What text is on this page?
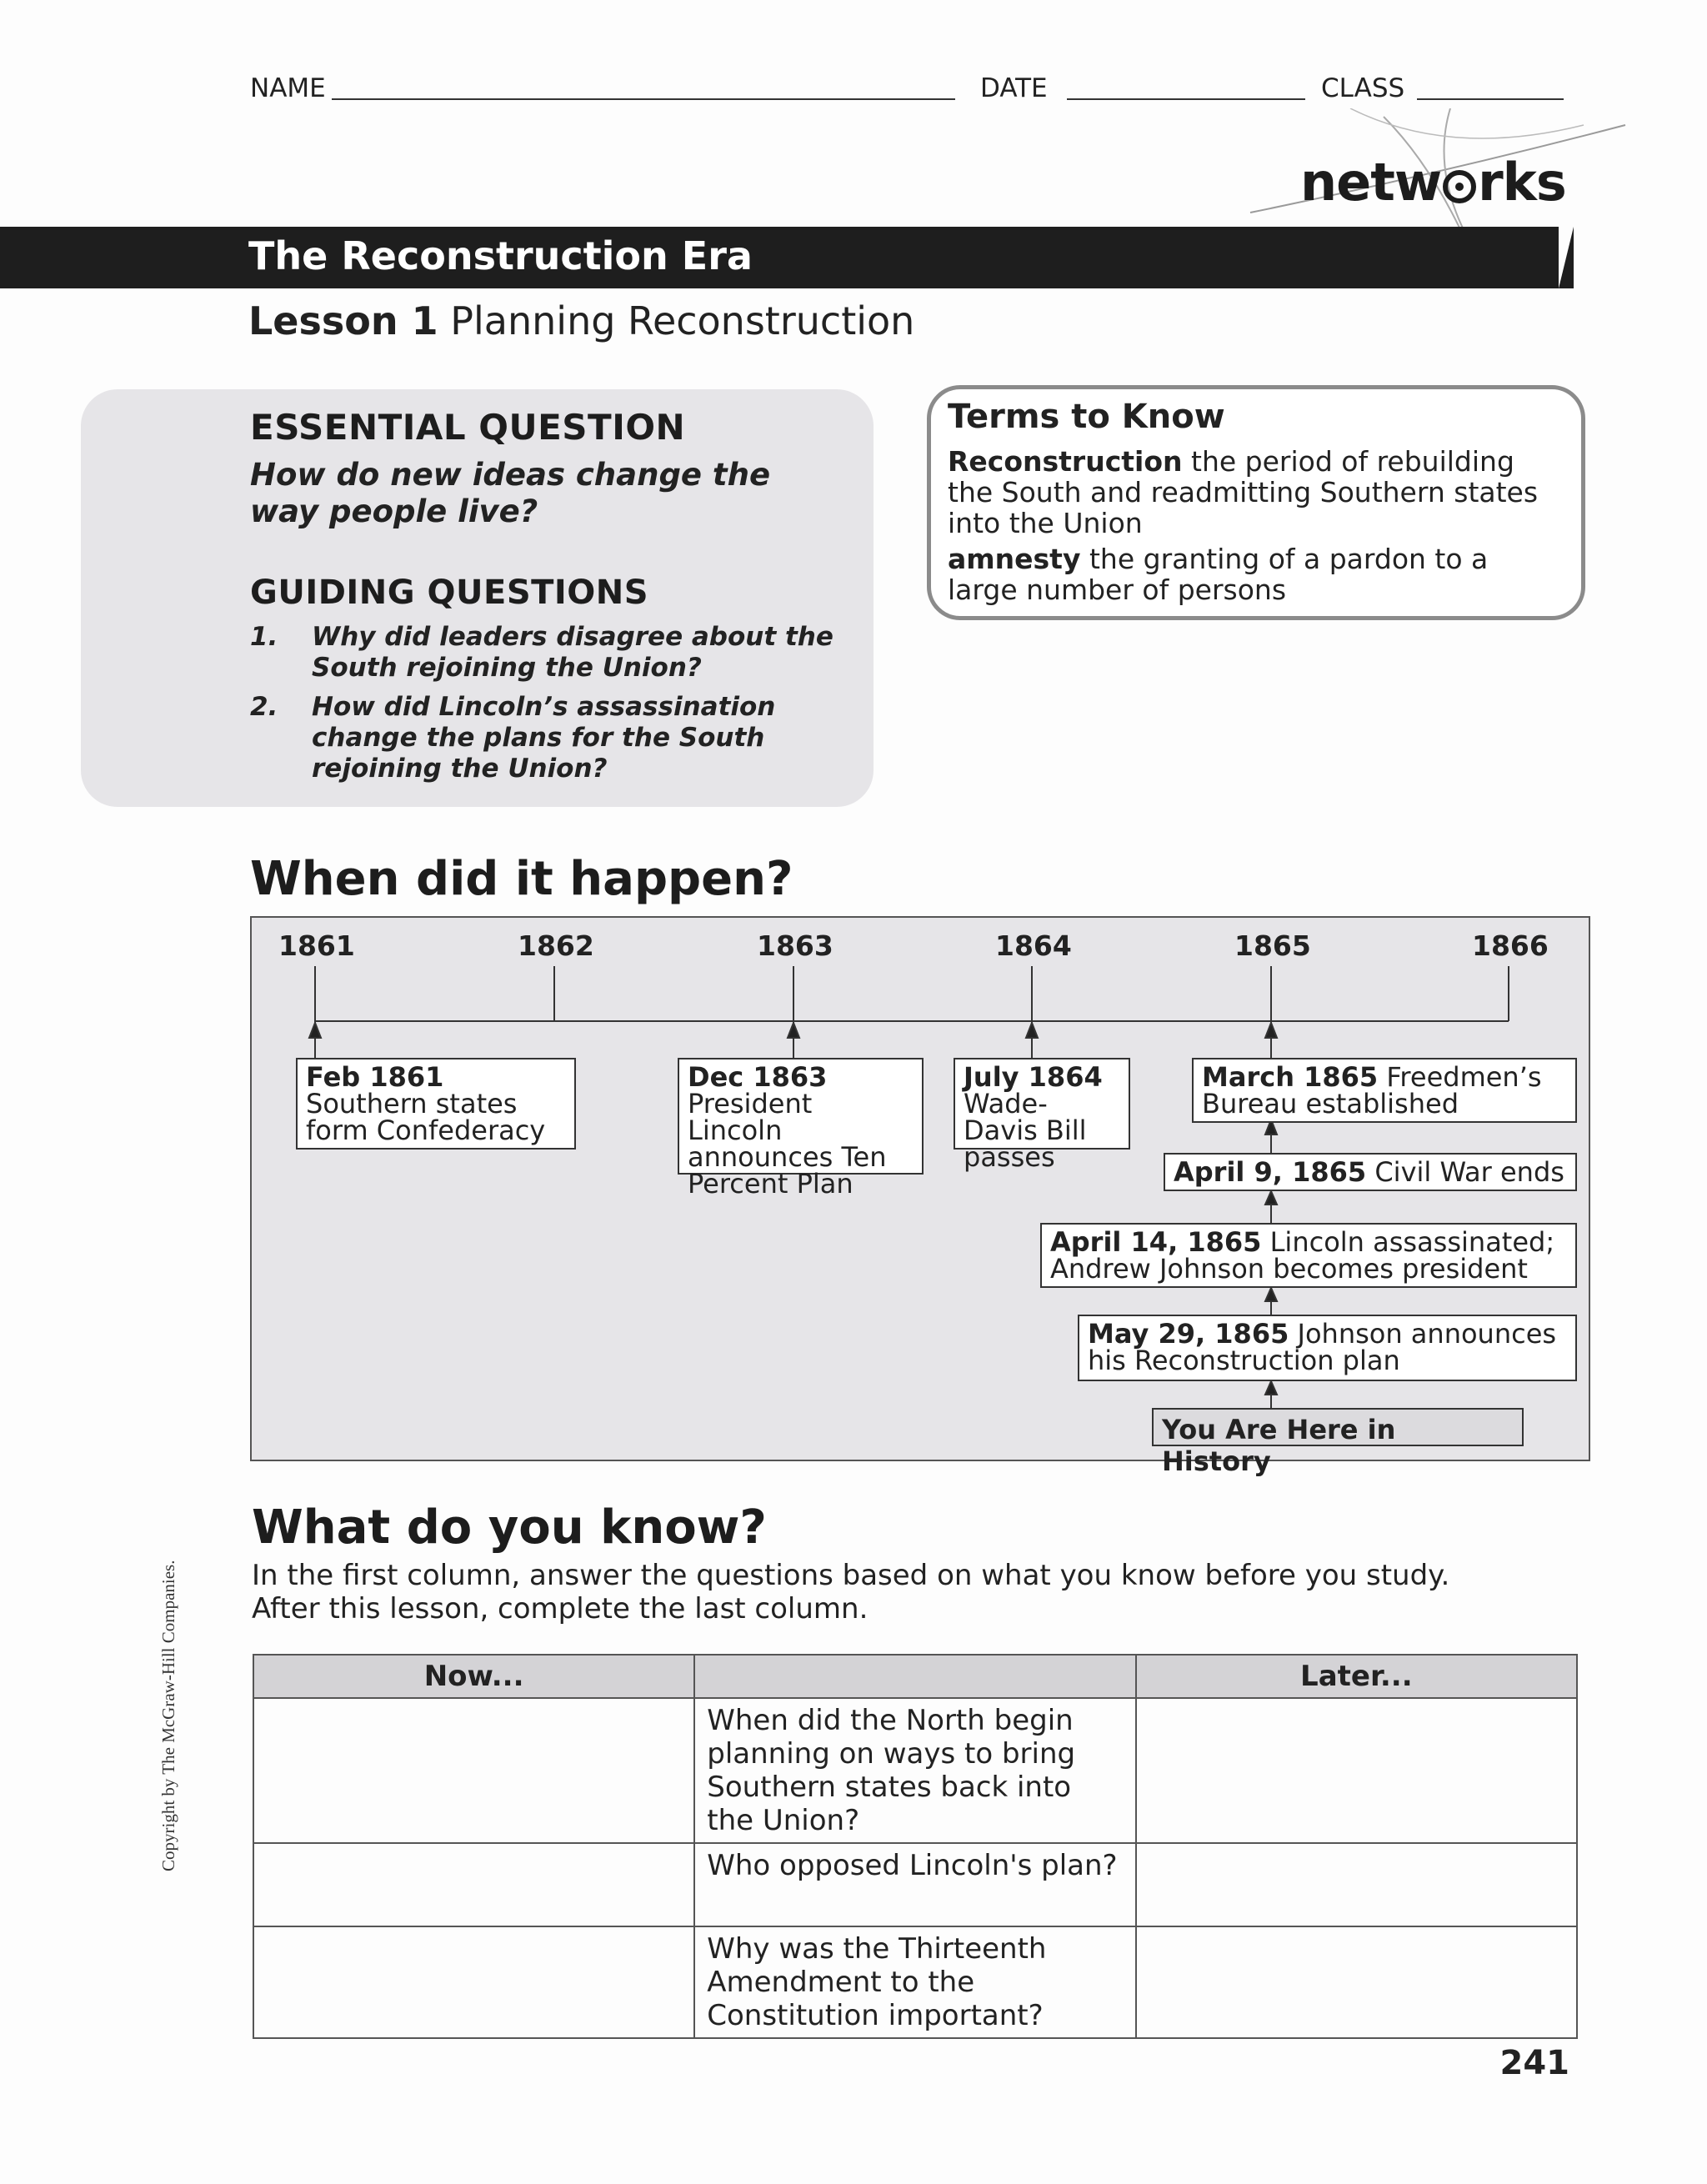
NAME	DATE	CLASS
netw rks
The Reconstruction Era
Lesson 1 Planning Reconstruction
ESSENTIAL QUESTION
How do new ideas change the
way people live?
GUIDING QUESTIONS
1. Why did leaders disagree about the South rejoining the Union?
2. How did Lincoln’s assassination change the plans for the South rejoining the Union?
Terms to Know
Reconstruction the period of rebuilding the South and readmitting Southern states into the Union
amnesty the granting of a pardon to a large number of persons
When did it happen?
1861	1862	1863	1864	1865	1866
Feb 1861
Southern states form Confederacy
Dec 1863
President Lincoln announces Ten Percent Plan
July 1864
Wade-Davis Bill passes
March 1865 Freedmen’s Bureau established
April 9, 1865 Civil War ends
April 14, 1865 Lincoln assassinated; Andrew Johnson becomes president
May 29, 1865 Johnson announces his Reconstruction plan
You Are Here in History
What do you know?
In the first column, answer the questions based on what you know before you study.
After this lesson, complete the last column.
Now...		Later...
	When did the North begin planning on ways to bring Southern states back into the Union?	
	Who opposed Lincoln's plan?	
	Why was the Thirteenth Amendment to the Constitution important?	
Copyright by The McGraw-Hill Companies.
241
